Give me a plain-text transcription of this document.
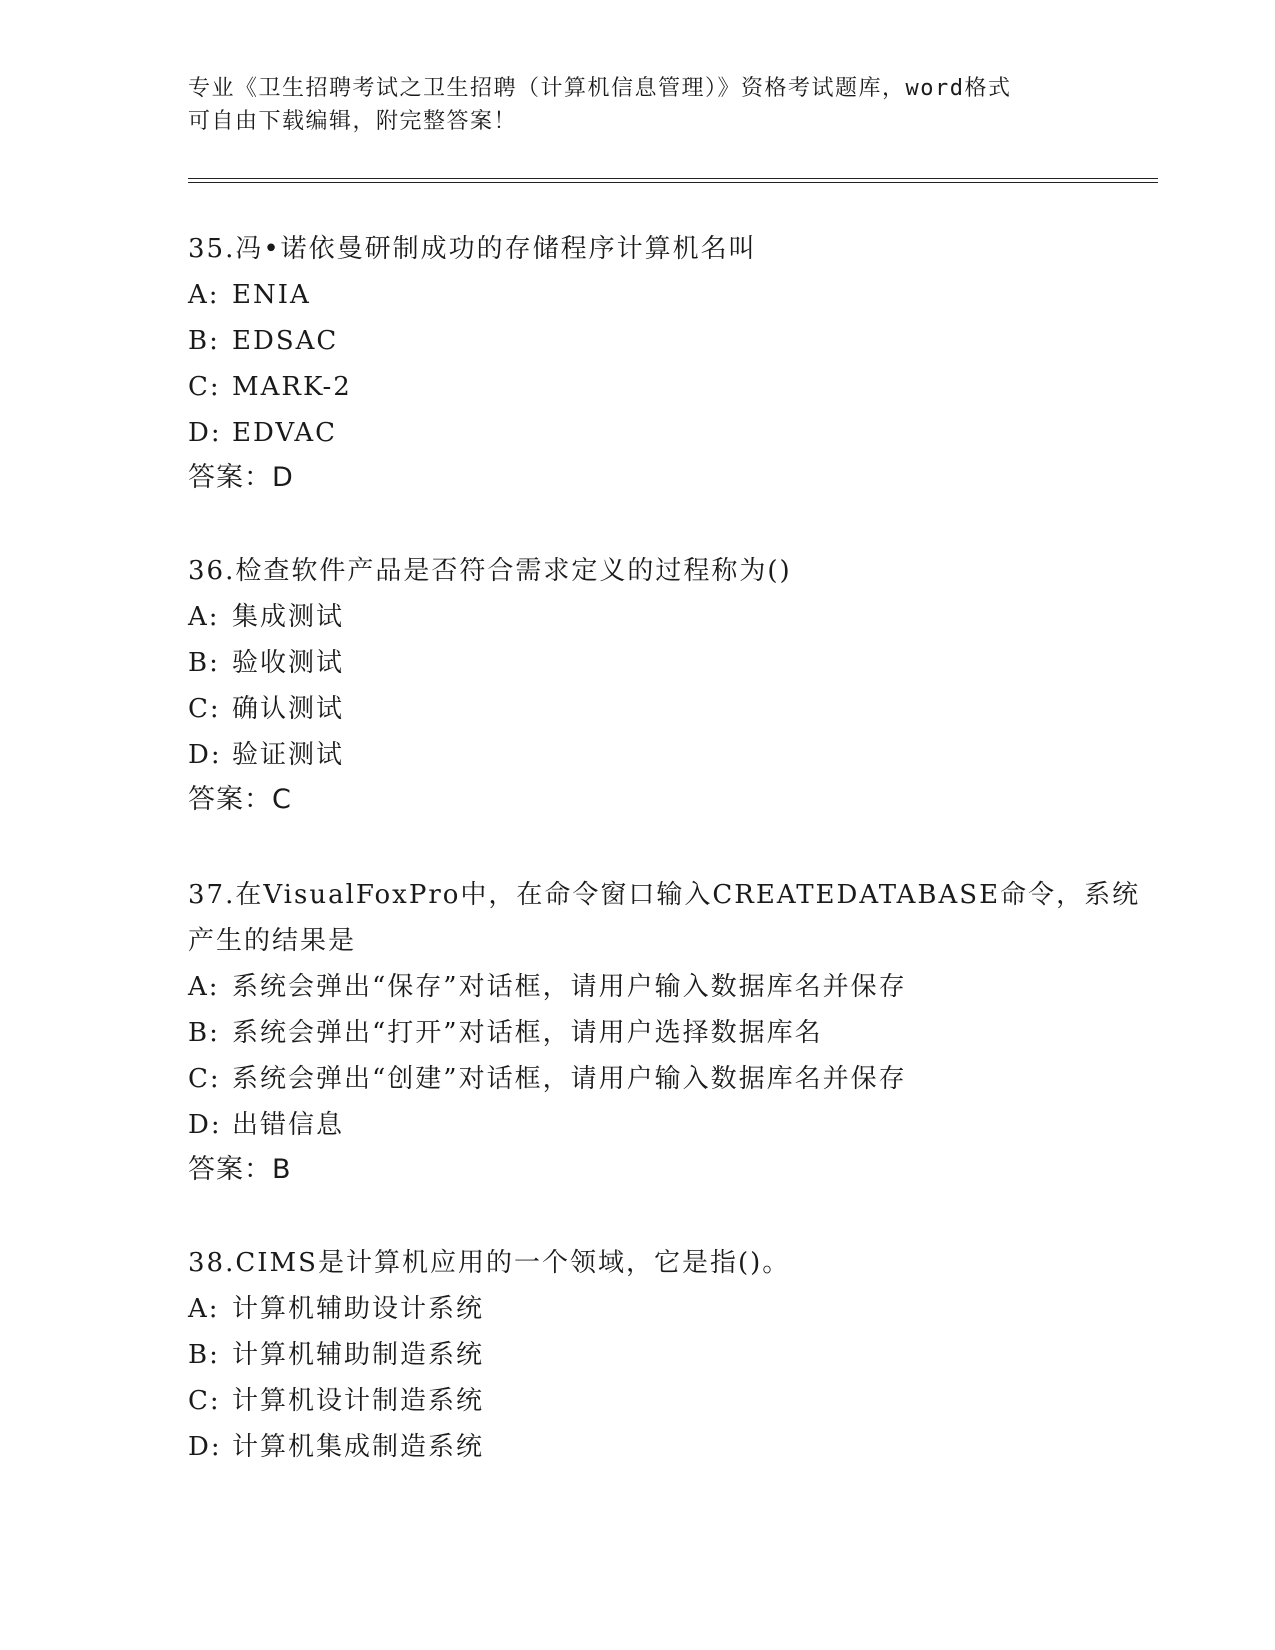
专业《卫生招聘考试之卫生招聘（计算机信息管理）》资格考试题库，word格式
可自由下载编辑，附完整答案！
35.冯•诺依曼研制成功的存储程序计算机名叫
A: ENIA
B: EDSAC
C: MARK-2
D: EDVAC
答案：D
36.检查软件产品是否符合需求定义的过程称为()
A: 集成测试
B: 验收测试
C: 确认测试
D: 验证测试
答案：C
37.在VisualFoxPro中，在命令窗口输入CREATEDATABASE命令，系统
产生的结果是
A: 系统会弹出“保存”对话框，请用户输入数据库名并保存
B: 系统会弹出“打开”对话框，请用户选择数据库名
C: 系统会弹出“创建”对话框，请用户输入数据库名并保存
D: 出错信息
答案：B
38.CIMS是计算机应用的一个领域，它是指()。
A: 计算机辅助设计系统
B: 计算机辅助制造系统
C: 计算机设计制造系统
D: 计算机集成制造系统
